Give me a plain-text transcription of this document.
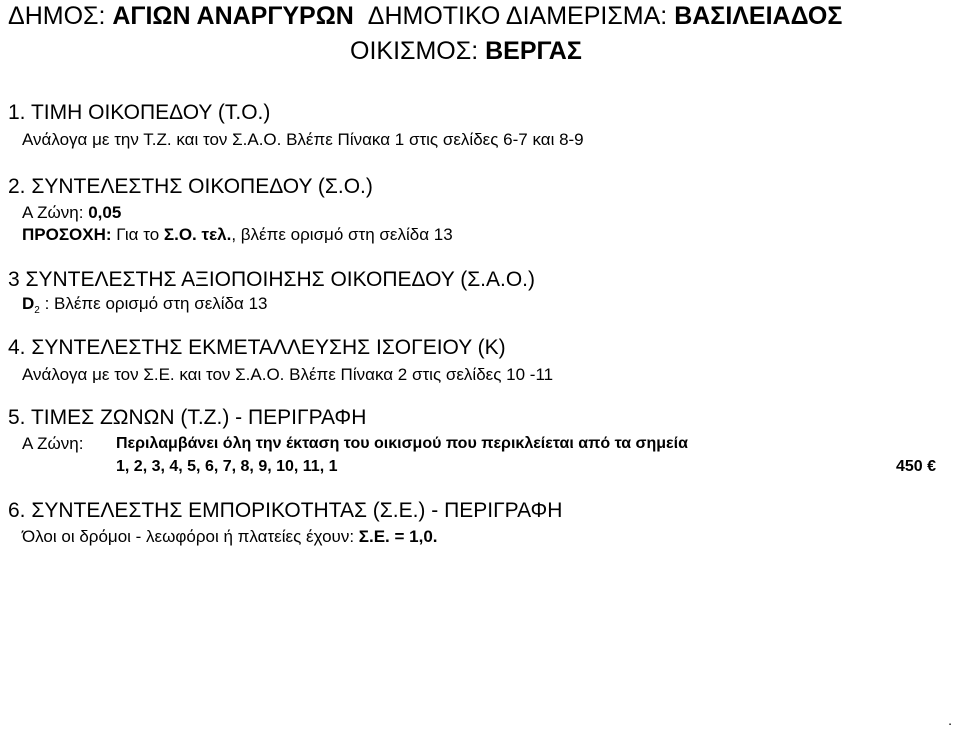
ΔΗΜΟΣ: ΑΓΙΩΝ ΑΝΑΡΓΥΡΩΝ ΔΗΜΟΤΙΚΟ ΔΙΑΜΕΡΙΣΜΑ: ΒΑΣΙΛΕΙΑΔΟΣ
ΟΙΚΙΣΜΟΣ: ΒΕΡΓΑΣ
1. ΤΙΜΗ ΟΙΚΟΠΕΔΟΥ (Τ.Ο.)
Ανάλογα με την Τ.Ζ. και τον Σ.Α.Ο. Βλέπε Πίνακα 1 στις σελίδες 6-7 και 8-9
2. ΣΥΝΤΕΛΕΣΤΗΣ ΟΙΚΟΠΕΔΟΥ (Σ.Ο.)
Α Ζώνη: 0,05
ΠΡΟΣΟΧΗ: Για το Σ.Ο. τελ., βλέπε ορισμό στη σελίδα 13
3 ΣΥΝΤΕΛΕΣΤΗΣ ΑΞΙΟΠΟΙΗΣΗΣ ΟΙΚΟΠΕΔΟΥ (Σ.Α.Ο.)
$D_2$ : Βλέπε ορισμό στη σελίδα 13
4. ΣΥΝΤΕΛΕΣΤΗΣ ΕΚΜΕΤΑΛΛΕΥΣΗΣ ΙΣΟΓΕΙΟΥ (Κ)
Ανάλογα με τον Σ.Ε. και τον Σ.Α.Ο. Βλέπε Πίνακα 2 στις σελίδες 10 -11
5. ΤΙΜΕΣ ΖΩΝΩΝ (Τ.Ζ.) - ΠΕΡΙΓΡΑΦΗ
Α Ζώνη: Περιλαμβάνει όλη την έκταση του οικισμού που περικλείεται από τα σημεία
1, 2, 3, 4, 5, 6, 7, 8, 9, 10, 11, 1	450 €
6. ΣΥΝΤΕΛΕΣΤΗΣ ΕΜΠΟΡΙΚΟΤΗΤΑΣ (Σ.Ε.) - ΠΕΡΙΓΡΑΦΗ
Όλοι οι δρόμοι - λεωφόροι ή πλατείες έχουν: Σ.Ε. = 1,0.
.
